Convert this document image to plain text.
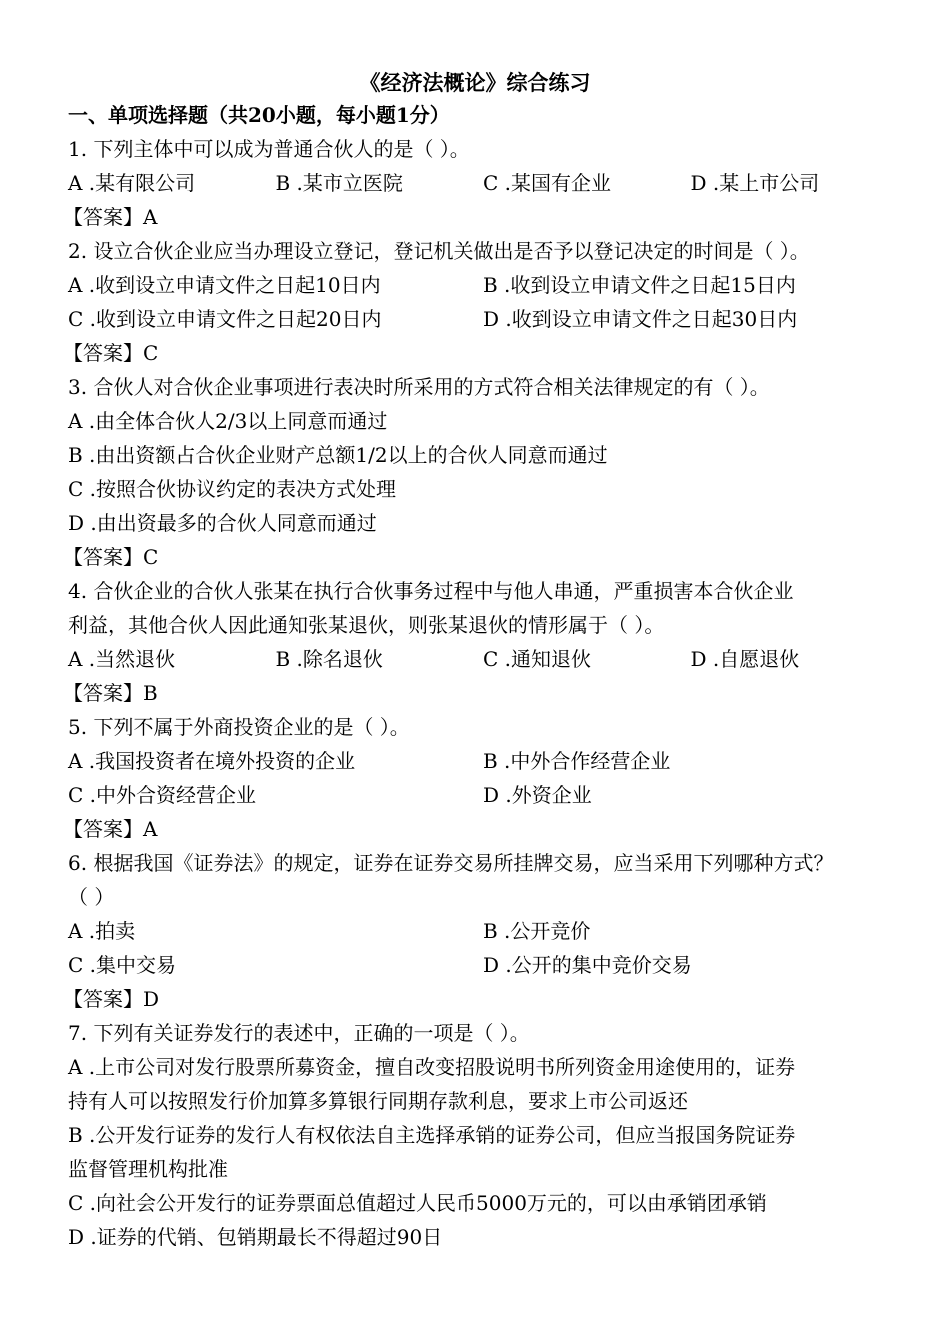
《经济法概论》综合练习
一、单项选择题（共20小题，每小题1分）
1. 下列主体中可以成为普通合伙人的是（ ）。
A .某有限公司	B .某市立医院	C .某国有企业	D .某上市公司
【答案】A
2. 设立合伙企业应当办理设立登记，登记机关做出是否予以登记决定的时间是（ ）。
A .收到设立申请文件之日起10日内	B .收到设立申请文件之日起15日内
C .收到设立申请文件之日起20日内	D .收到设立申请文件之日起30日内
【答案】C
3. 合伙人对合伙企业事项进行表决时所采用的方式符合相关法律规定的有（ ）。
A .由全体合伙人2/3以上同意而通过
B .由出资额占合伙企业财产总额1/2以上的合伙人同意而通过
C .按照合伙协议约定的表决方式处理
D .由出资最多的合伙人同意而通过
【答案】C
4. 合伙企业的合伙人张某在执行合伙事务过程中与他人串通，严重损害本合伙企业
利益，其他合伙人因此通知张某退伙，则张某退伙的情形属于（ ）。
A .当然退伙	B .除名退伙	C .通知退伙	D .自愿退伙
【答案】B
5. 下列不属于外商投资企业的是（ ）。
A .我国投资者在境外投资的企业	B .中外合作经营企业
C .中外合资经营企业	D .外资企业
【答案】A
6. 根据我国《证券法》的规定，证券在证券交易所挂牌交易，应当采用下列哪种方式？
（ ）
A .拍卖	B .公开竞价
C .集中交易	D .公开的集中竞价交易
【答案】D
7. 下列有关证券发行的表述中，正确的一项是（ ）。
A .上市公司对发行股票所募资金，擅自改变招股说明书所列资金用途使用的，证券
持有人可以按照发行价加算多算银行同期存款利息，要求上市公司返还
B .公开发行证券的发行人有权依法自主选择承销的证券公司，但应当报国务院证券
监督管理机构批准
C .向社会公开发行的证券票面总值超过人民币5000万元的，可以由承销团承销
D .证券的代销、包销期最长不得超过90日
